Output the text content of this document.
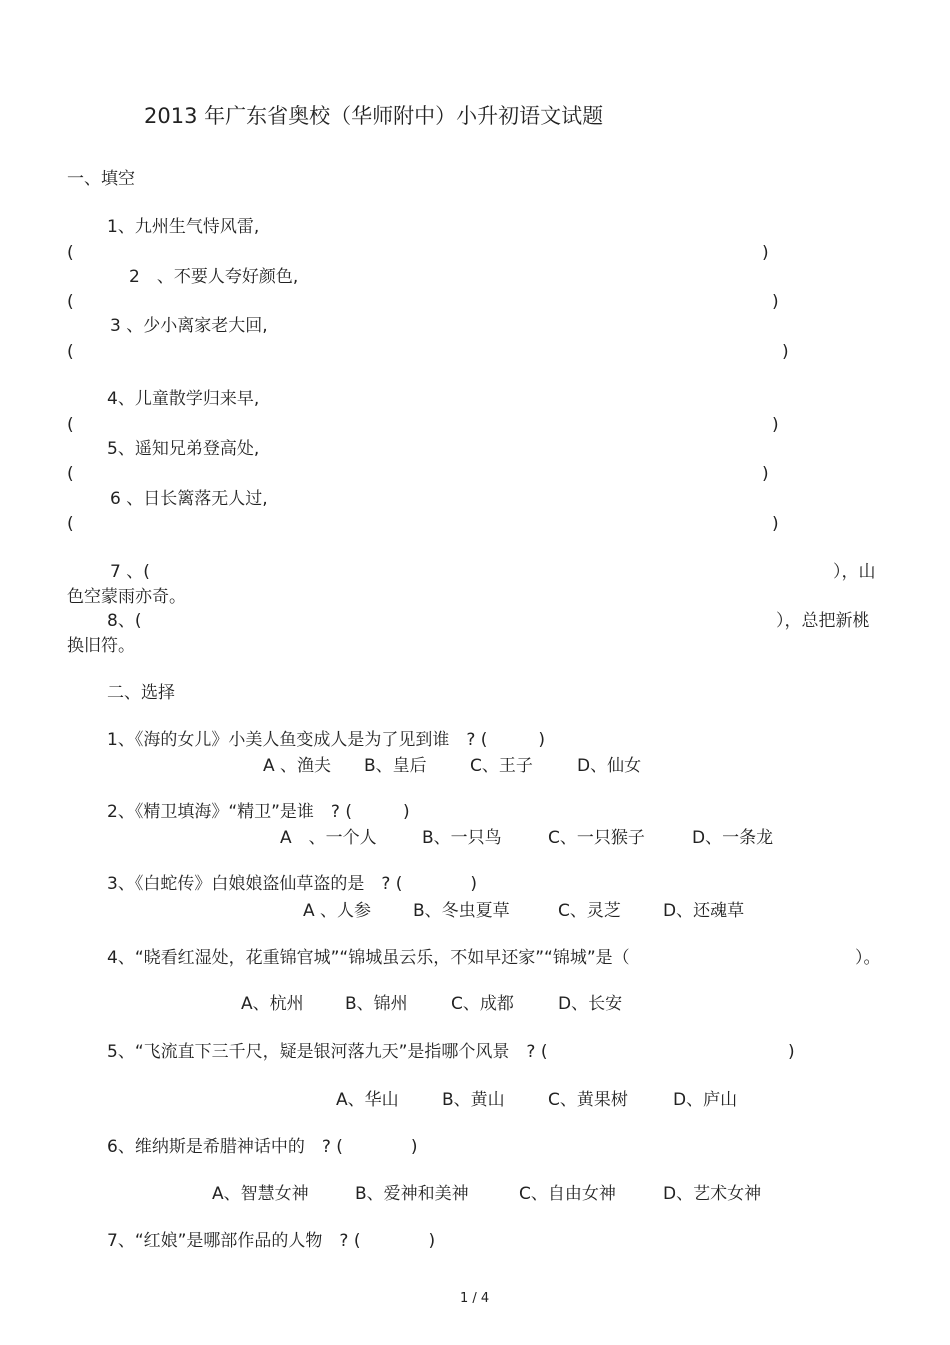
2013 年广东省奥校（华师附中）小升初语文试题
一、填空
1、九州生气恃风雷,
(	)
2　、不要人夸好颜色,
(	)
3 、少小离家老大回,
(	)
4、儿童散学归来早,
(	)
5、遥知兄弟登高处,
(	)
6 、日长篱落无人过,
(	)
7 、(	），山
色空蒙雨亦奇。
8、(	），总把新桃
换旧符。
二、选择
1、《海的女儿》小美人鱼变成人是为了见到谁　? (　　　)
A 、渔夫 B、皇后	C、王子	D、仙女
2、《精卫填海》“精卫”是谁　? (　　　)
A　、一个人	B、一只鸟	C、一只猴子	D、一条龙
3、《白蛇传》白娘娘盗仙草盗的是　? (　　　　)
A 、人参 B、冬虫夏草	C、灵芝 D、还魂草
4、“晓看红湿处，花重锦官城”“锦城虽云乐，不如早还家”“锦城”是（	）。
A、杭州 B、锦州	C、成都	D、长安
5、“飞流直下三千尺，疑是银河落九天”是指哪个风景　? (	)
A、华山	B、黄山	C、黄果树	D、庐山
6、维纳斯是希腊神话中的　? (　　　　)
A、智慧女神	B、爱神和美神	C、自由女神	D、艺术女神
7、“红娘”是哪部作品的人物　? (　　　　)
1 / 4
